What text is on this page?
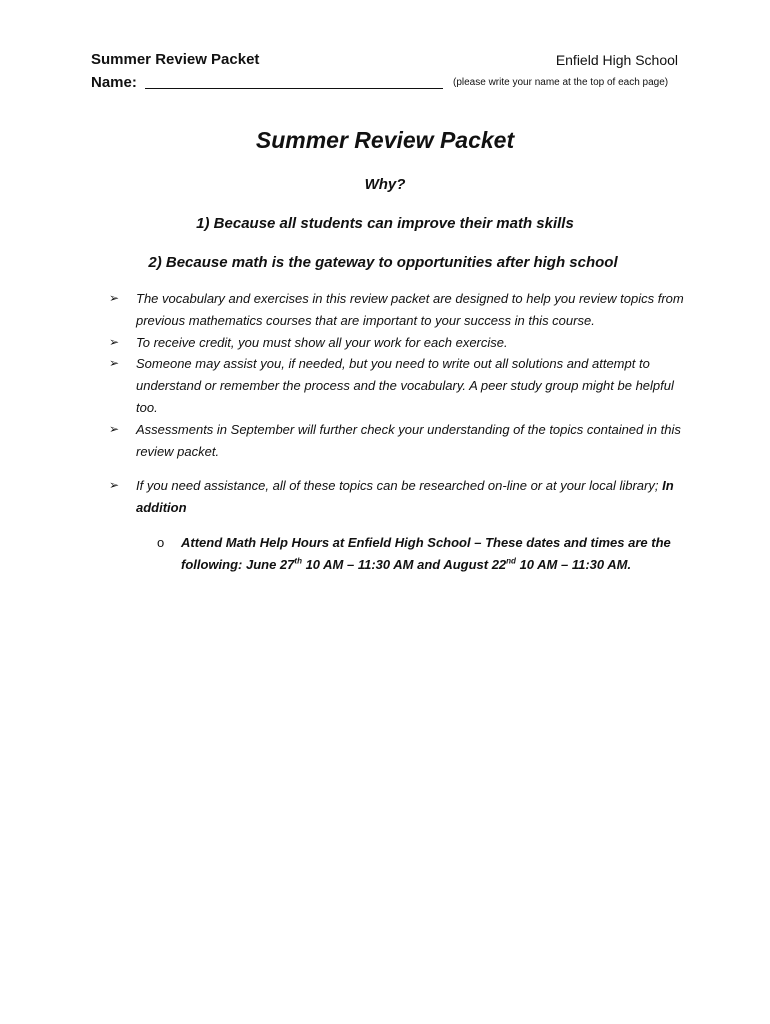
Summer Review Packet	Enfield High School
Name:	(please write your name at the top of each page)
Summer Review Packet
Why?
1) Because all students can improve their math skills
2) Because math is the gateway to opportunities after high school
➢ The vocabulary and exercises in this review packet are designed to help you review topics from previous mathematics courses that are important to your success in this course.
➢ To receive credit, you must show all your work for each exercise.
➢ Someone may assist you, if needed, but you need to write out all solutions and attempt to understand or remember the process and the vocabulary. A peer study group might be helpful too.
➢ Assessments in September will further check your understanding of the topics contained in this review packet.
➢ If you need assistance, all of these topics can be researched on-line or at your local library; In addition
o Attend Math Help Hours at Enfield High School – These dates and times are the following: June 27th 10 AM – 11:30 AM and August 22nd 10 AM – 11:30 AM.
